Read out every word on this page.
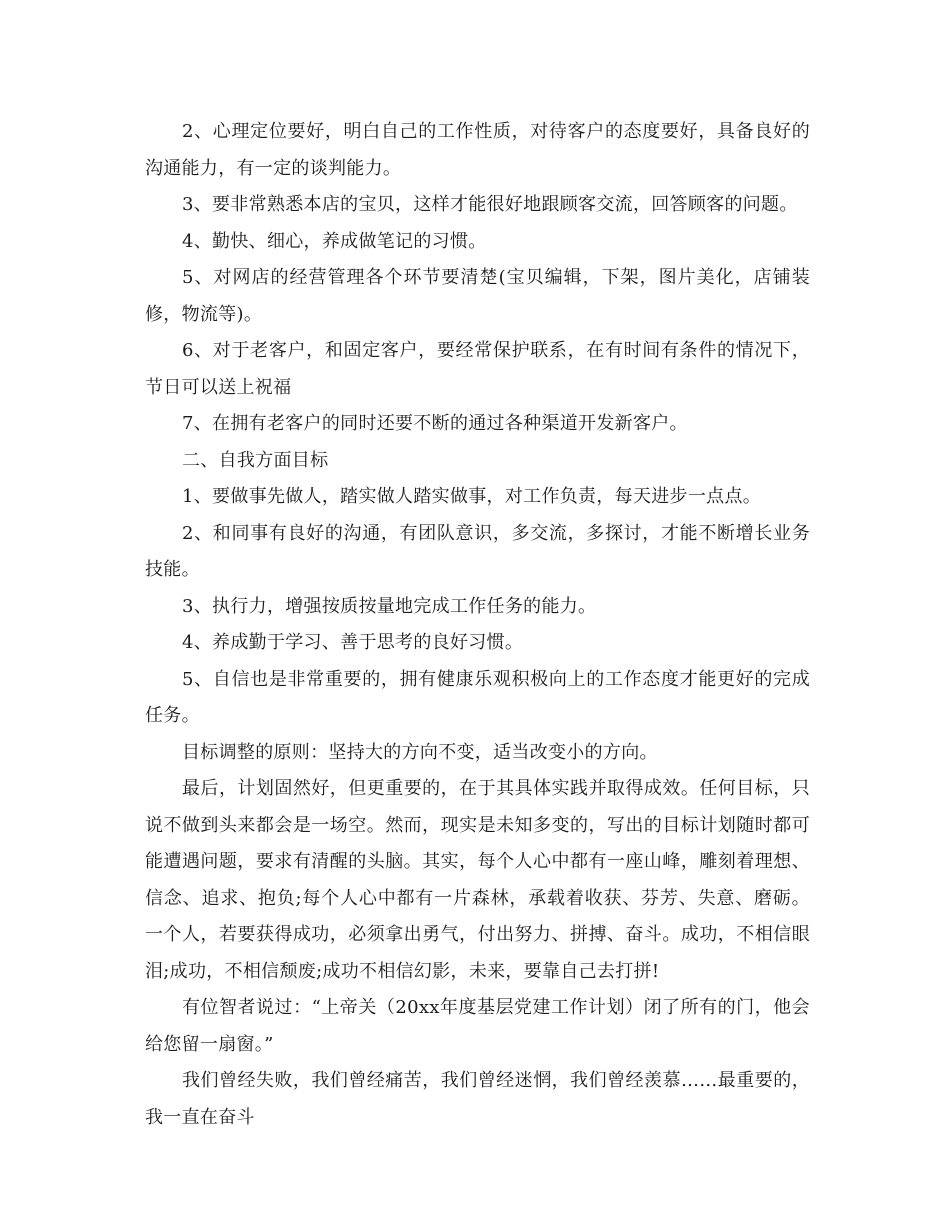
2、心理定位要好，明白自己的工作性质，对待客户的态度要好，具备良好的沟通能力，有一定的谈判能力。

3、要非常熟悉本店的宝贝，这样才能很好地跟顾客交流，回答顾客的问题。

4、勤快、细心，养成做笔记的习惯。

5、对网店的经营管理各个环节要清楚(宝贝编辑，下架，图片美化，店铺装修，物流等)。

6、对于老客户，和固定客户，要经常保护联系，在有时间有条件的情况下，节日可以送上祝福

7、在拥有老客户的同时还要不断的通过各种渠道开发新客户。

二、自我方面目标

1、要做事先做人，踏实做人踏实做事，对工作负责，每天进步一点点。

2、和同事有良好的沟通，有团队意识，多交流，多探讨，才能不断增长业务技能。

3、执行力，增强按质按量地完成工作任务的能力。

4、养成勤于学习、善于思考的良好习惯。

5、自信也是非常重要的，拥有健康乐观积极向上的工作态度才能更好的完成任务。

目标调整的原则：坚持大的方向不变，适当改变小的方向。

最后，计划固然好，但更重要的，在于其具体实践并取得成效。任何目标，只说不做到头来都会是一场空。然而，现实是未知多变的，写出的目标计划随时都可能遭遇问题，要求有清醒的头脑。其实，每个人心中都有一座山峰，雕刻着理想、信念、追求、抱负;每个人心中都有一片森林，承载着收获、芬芳、失意、磨砺。一个人，若要获得成功，必须拿出勇气，付出努力、拼搏、奋斗。成功，不相信眼泪;成功，不相信颓废;成功不相信幻影，未来，要靠自己去打拼!

有位智者说过：“上帝关（20xx年度基层党建工作计划）闭了所有的门，他会给您留一扇窗。”

我们曾经失败，我们曾经痛苦，我们曾经迷惘，我们曾经羡慕……最重要的，我一直在奋斗
